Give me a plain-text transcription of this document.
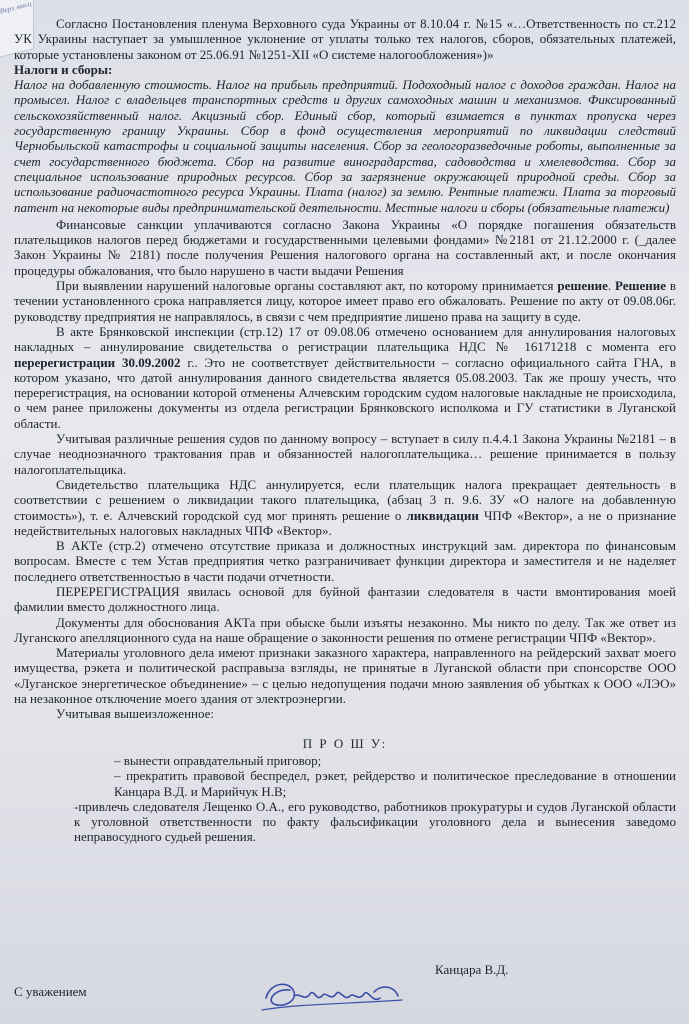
Верх мисц

Согласно Постановления пленума Верховного суда Украины от 8.10.04 г. №15 «…Ответственность по ст.212 УК Украины наступает за умышленное уклонение от уплаты только тех налогов, сборов, обязательных платежей, которые установлены законом от 25.06.91 №1251-XII «О системе налогообложения»)»

Налоги и сборы:

Налог на добавленную стоимость. Налог на прибыль предприятий. Подоходный налог с доходов граждан. Налог на промысел. Налог с владельцев транспортных средств и других самоходных машин и механизмов. Фиксированный сельскохозяйственный налог. Акцизный сбор. Единый сбор, который взимается в пунктах пропуска через государственную границу Украины. Сбор в фонд осуществления мероприятий по ликвидации следствий Чернобыльской катастрофы и социальной защиты населения. Сбор за геологоразведочные роботы, выполненные за счет государственного бюджета. Сбор на развитие виноградарства, садоводства и хмелеводства. Сбор за специальное использование природных ресурсов. Сбор за загрязнение окружающей природной среды. Сбор за использование радиочастотного ресурса Украины. Плата (налог) за землю. Рентные платежи. Плата за торговый патент на некоторые виды предпринимательской деятельности. Местные налоги и сборы (обязательные платежи)

Финансовые санкции уплачиваются согласно Закона Украины «О порядке погашения обязательств плательщиков налогов перед бюджетами и государственными целевыми фондами» №2181 от 21.12.2000 г. (_далее Закон Украины № 2181) после получения Решения налогового органа на составленный акт, и после окончания процедуры обжалования, что было нарушено в части выдачи Решения

При выявлении нарушений налоговые органы составляют акт, по которому принимается решение. Решение в течении установленного срока направляется лицу, которое имеет право его обжаловать. Решение по акту от 09.08.06г. руководству предприятия не направлялось, в связи с чем предприятие лишено права на защиту в суде.

В акте Брянковской инспекции (стр.12) 17 от 09.08.06 отмечено основанием для аннулирования налоговых накладных – аннулирование свидетельства о регистрации плательщика НДС № 16171218 с момента его перерегистрации 30.09.2002 г.. Это не соответствует действительности – согласно официального сайта ГНА, в котором указано, что датой аннулирования данного свидетельства является 05.08.2003. Так же прошу учесть, что перерегистрация, на основании которой отменены Алчевским городским судом налоговые накладные не происходила, о чем ранее приложены документы из отдела регистрации Брянковского исполкома и ГУ статистики в Луганской области.

Учитывая различные решения судов по данному вопросу – вступает в силу п.4.4.1 Закона Украины №2181 – в случае неоднозначного трактования прав и обязанностей налогоплательщика… решение принимается в пользу налогоплательщика.

Свидетельство плательщика НДС аннулируется, если плательщик налога прекращает деятельность в соответствии с решением о ликвидации такого плательщика, (абзац 3 п. 9.6. ЗУ «О налоге на добавленную стоимость»), т. е. Алчевский городской суд мог принять решение о ликвидации ЧПФ «Вектор», а не о признание недействительных налоговых накладных ЧПФ «Вектор».

В АКТе (стр.2) отмечено отсутствие приказа и должностных инструкций зам. директора по финансовым вопросам. Вместе с тем Устав предприятия четко разграничивает функции директора и заместителя и не наделяет последнего ответственностью в части подачи отчетности.

ПЕРЕРЕГИСТРАЦИЯ явилась основой для буйной фантазии следователя в части вмонтирования моей фамилии вместо должностного лица.

Документы для обоснования АКТа при обыске были изъяты незаконно. Мы никто по делу. Так же ответ из Луганского апелляционного суда на наше обращение о законности решения по отмене регистрации ЧПФ «Вектор».

Материалы уголовного дела имеют признаки заказного характера, направленного на рейдерский захват моего имущества, рэкета и политической расправыза взгляды, не принятые в Луганской области при спонсорстве ООО «Луганское энергетическое объединение» – с целью недопущения подачи мною заявления об убытках к ООО «ЛЭО» на незаконное отключение моего здания от электроэнергии.

Учитывая вышеизложенное:

П Р О Ш У:

– вынести оправдательный приговор;

– прекратить правовой беспредел, рэкет, рейдерство и политическое преследование в отношении Канцара В.Д. и Марийчук Н.В;

-привлечь следователя Лещенко О.А., его руководство, работников прокуратуры и судов Луганской области к уголовной ответственности по факту фальсификации уголовного дела и вынесения заведомо неправосудного судьей решения.

С уважением
Канцара В.Д.
